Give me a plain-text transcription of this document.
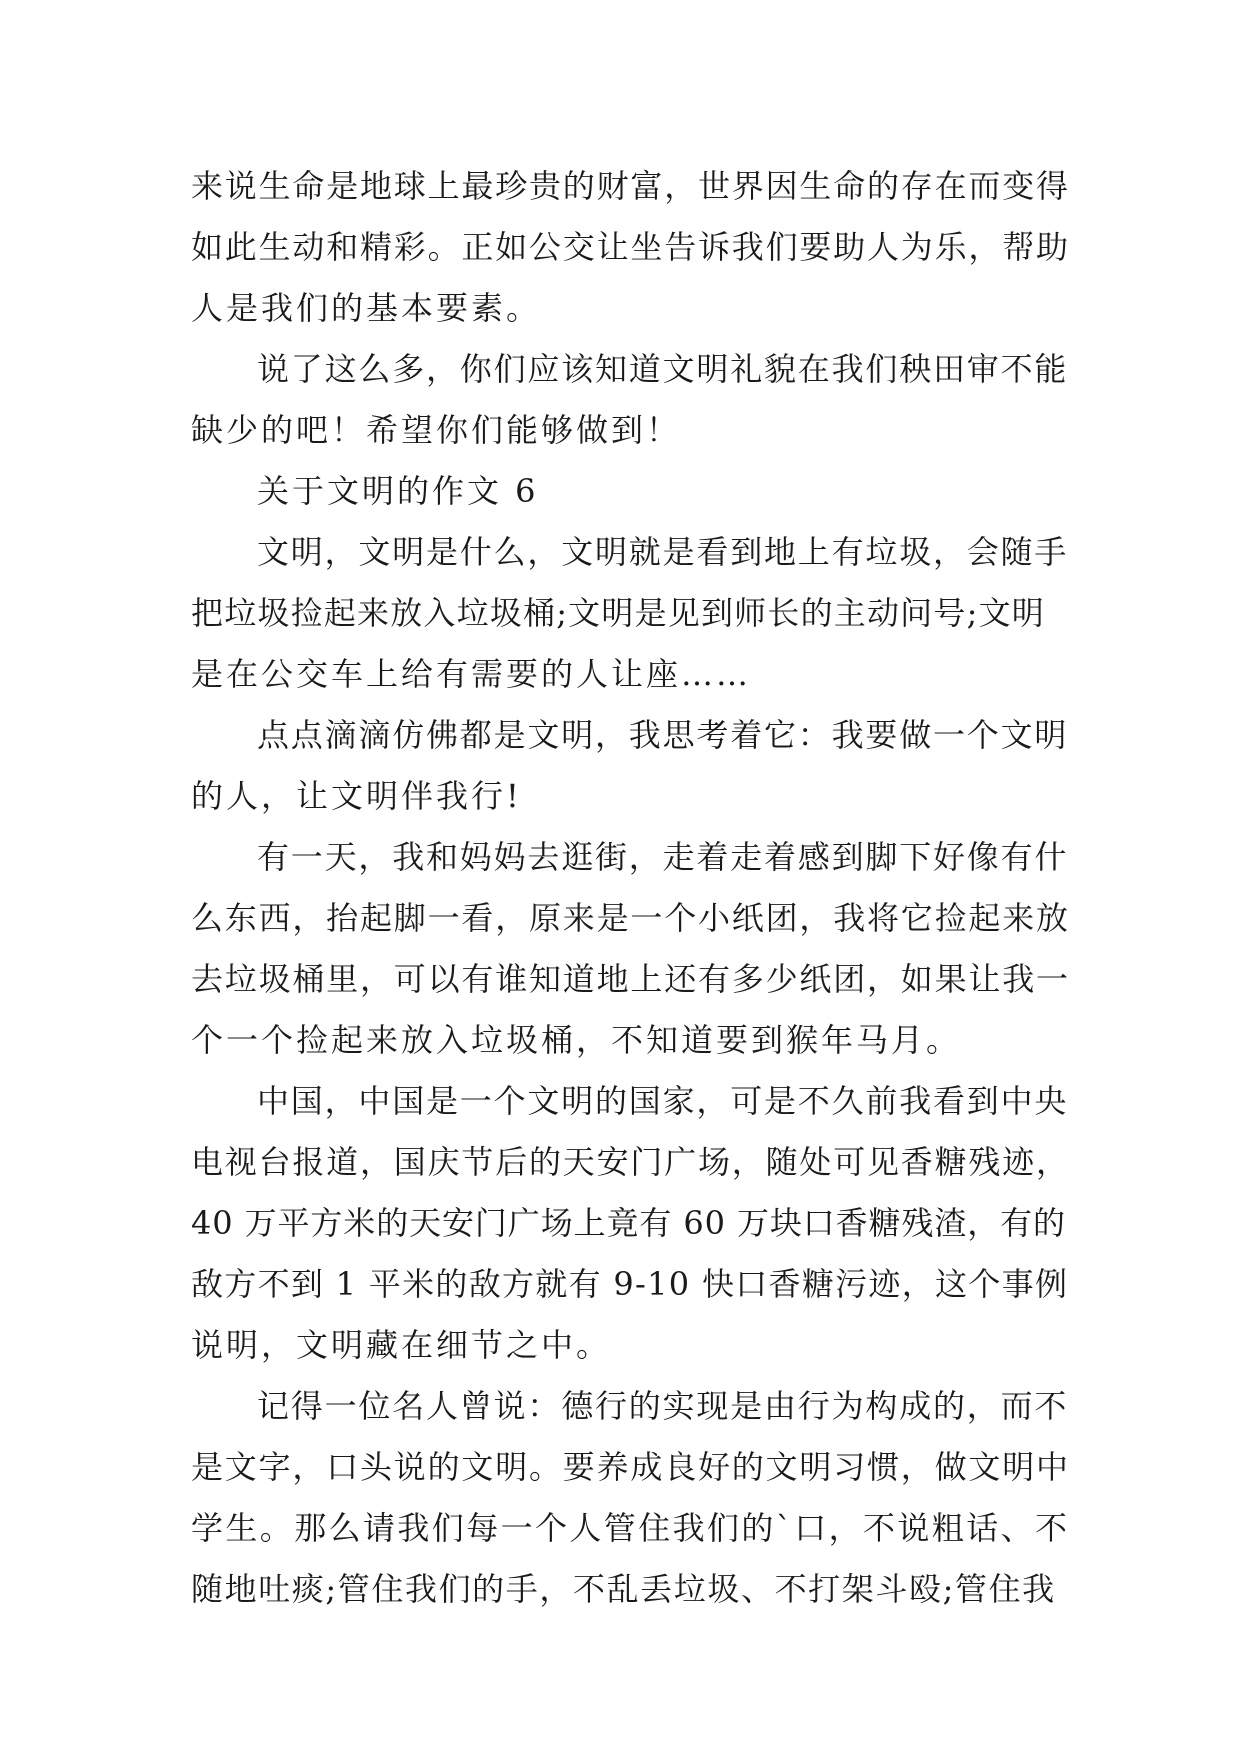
来说生命是地球上最珍贵的财富，世界因生命的存在而变得
如此生动和精彩。正如公交让坐告诉我们要助人为乐，帮助
人是我们的基本要素。
说了这么多，你们应该知道文明礼貌在我们秧田审不能
缺少的吧！希望你们能够做到！
关于文明的作文 6
文明，文明是什么，文明就是看到地上有垃圾，会随手
把垃圾捡起来放入垃圾桶;文明是见到师长的主动问号;文明
是在公交车上给有需要的人让座……
点点滴滴仿佛都是文明，我思考着它：我要做一个文明
的人，让文明伴我行!
有一天，我和妈妈去逛街，走着走着感到脚下好像有什
么东西，抬起脚一看，原来是一个小纸团，我将它捡起来放
去垃圾桶里，可以有谁知道地上还有多少纸团，如果让我一
个一个捡起来放入垃圾桶，不知道要到猴年马月。
中国，中国是一个文明的国家，可是不久前我看到中央
电视台报道，国庆节后的天安门广场，随处可见香糖残迹，
40 万平方米的天安门广场上竟有 60 万块口香糖残渣，有的
敌方不到 1 平米的敌方就有 9-10 快口香糖污迹，这个事例
说明，文明藏在细节之中。
记得一位名人曾说：德行的实现是由行为构成的，而不
是文字，口头说的文明。要养成良好的文明习惯，做文明中
学生。那么请我们每一个人管住我们的`口，不说粗话、不
随地吐痰;管住我们的手，不乱丢垃圾、不打架斗殴;管住我
